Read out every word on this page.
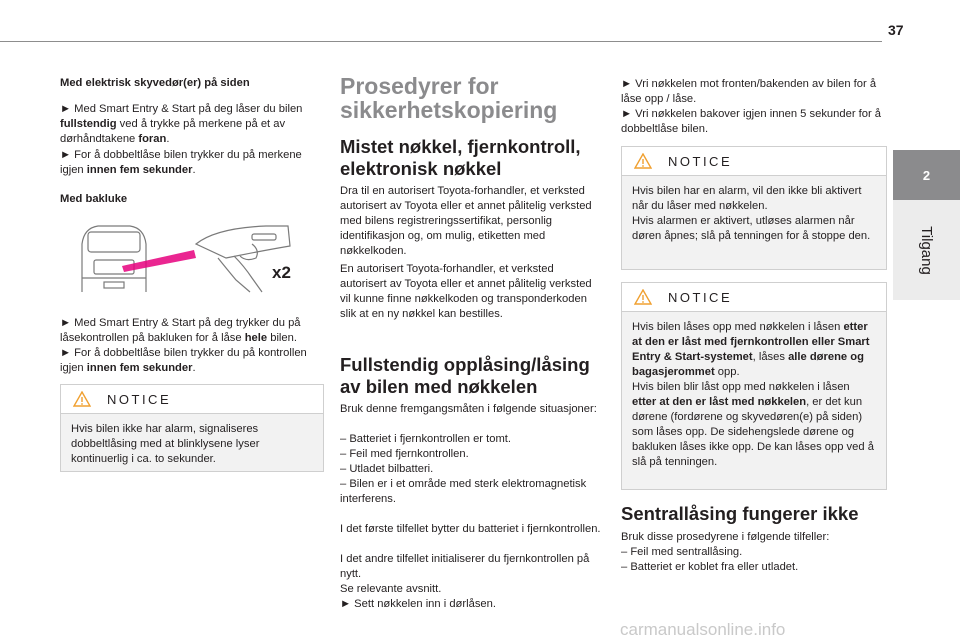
37
2
Tilgang

Med elektrisk skyvedør(er) på siden

► Med Smart Entry & Start på deg låser du bilen fullstendig ved å trykke på merkene på et av dørhåndtakene foran.

► For å dobbeltlåse bilen trykker du på merkene igjen innen fem sekunder.

Med bakluke

x2

► Med Smart Entry & Start på deg trykker du på låsekontrollen på bakluken for å låse hele bilen.

► For å dobbeltlåse bilen trykker du på kontrollen igjen innen fem sekunder.

NOTICE

Hvis bilen ikke har alarm, signaliseres dobbeltlåsing med at blinklysene lyser kontinuerlig i ca. to sekunder.

Prosedyrer for sikkerhetskopiering
Mistet nøkkel, fjernkontroll, elektronisk nøkkel

Dra til en autorisert Toyota-forhandler, et verksted autorisert av Toyota eller et annet pålitelig verksted med bilens registreringssertifikat, personlig identifikasjon og, om mulig, etiketten med nøkkelkoden.

En autorisert Toyota-forhandler, et verksted autorisert av Toyota eller et annet pålitelig verksted vil kunne finne nøkkelkoden og transponderkoden slik at en ny nøkkel kan bestilles.

Fullstendig opplåsing/låsing av bilen med nøkkelen

Bruk denne fremgangsmåten i følgende situasjoner:

– Batteriet i fjernkontrollen er tomt.

– Feil med fjernkontrollen.

– Utladet bilbatteri.

– Bilen er i et område med sterk elektromagnetisk interferens.

I det første tilfellet bytter du batteriet i fjernkontrollen.

I det andre tilfellet initialiserer du fjernkontrollen på nytt.

Se relevante avsnitt.

► Sett nøkkelen inn i dørlåsen.

► Vri nøkkelen mot fronten/bakenden av bilen for å låse opp / låse.

► Vri nøkkelen bakover igjen innen 5 sekunder for å dobbeltlåse bilen.

NOTICE

Hvis bilen har en alarm, vil den ikke bli aktivert når du låser med nøkkelen.

Hvis alarmen er aktivert, utløses alarmen når døren åpnes; slå på tenningen for å stoppe den.

NOTICE

Hvis bilen låses opp med nøkkelen i låsen etter at den er låst med fjernkontrollen eller Smart Entry & Start-systemet, låses alle dørene og bagasjerommet opp.

Hvis bilen blir låst opp med nøkkelen i låsen etter at den er låst med nøkkelen, er det kun dørene (fordørene og skyvedøren(e) på siden) som låses opp. De sidehengslede dørene og bakluken låses ikke opp. De kan låses opp ved å slå på tenningen.

Sentrallåsing fungerer ikke

Bruk disse prosedyrene i følgende tilfeller:

– Feil med sentrallåsing.

– Batteriet er koblet fra eller utladet.

carmanualsonline.info
